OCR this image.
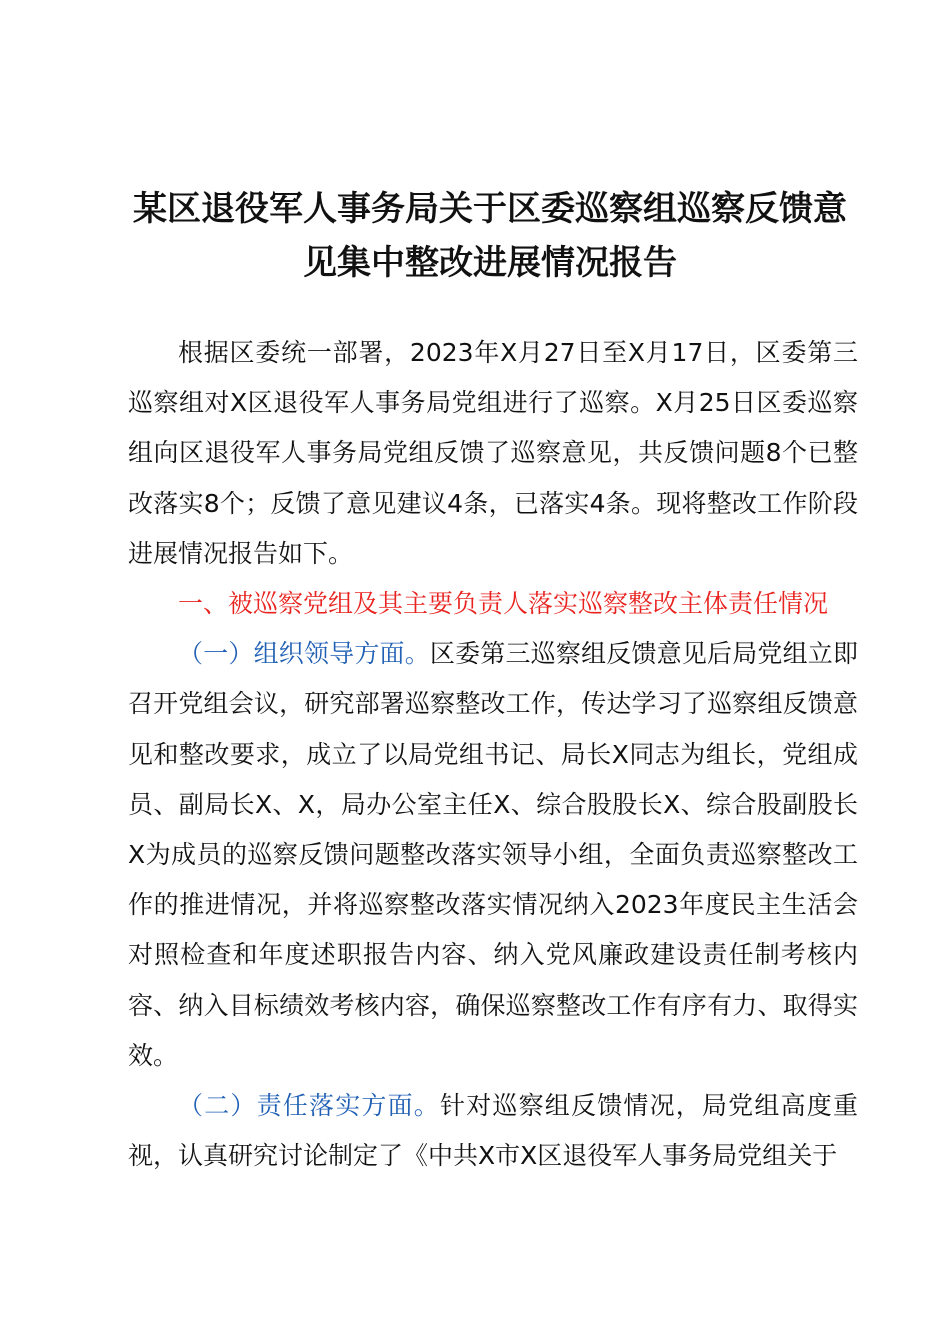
某区退役军人事务局关于区委巡察组巡察反馈意
见集中整改进展情况报告

根据区委统一部署，2023年X月27日至X月17日，区委第三巡察组对X区退役军人事务局党组进行了巡察。X月25日区委巡察组向区退役军人事务局党组反馈了巡察意见，共反馈问题8个已整改落实8个；反馈了意见建议4条，已落实4条。现将整改工作阶段进展情况报告如下。

一、被巡察党组及其主要负责人落实巡察整改主体责任情况

（一）组织领导方面。区委第三巡察组反馈意见后局党组立即召开党组会议，研究部署巡察整改工作，传达学习了巡察组反馈意见和整改要求，成立了以局党组书记、局长X同志为组长，党组成员、副局长X、X，局办公室主任X、综合股股长X、综合股副股长X为成员的巡察反馈问题整改落实领导小组，全面负责巡察整改工作的推进情况，并将巡察整改落实情况纳入2023年度民主生活会对照检查和年度述职报告内容、纳入党风廉政建设责任制考核内容、纳入目标绩效考核内容，确保巡察整改工作有序有力、取得实效。

（二）责任落实方面。针对巡察组反馈情况，局党组高度重视，认真研究讨论制定了《中共X市X区退役军人事务局党组关于
